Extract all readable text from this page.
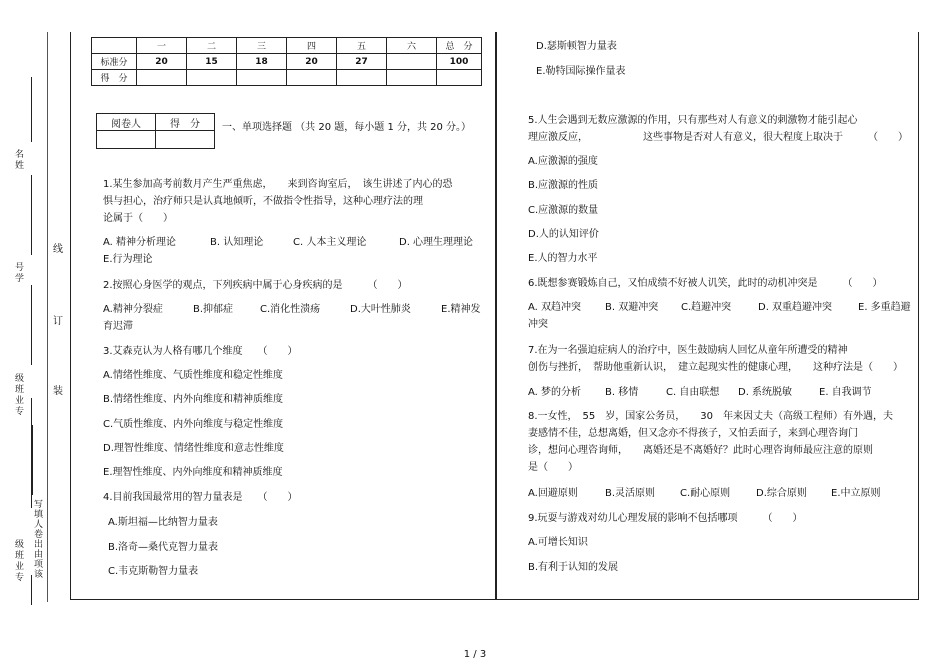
名
姓
号
学
级
班
业
专
级
班
业
专
写
填
人
卷
出
由
项
该
线
订
装
	一	二	三	四	五	六	总　分
标准分	20	15	18	20	27		100
得　分							
阅卷人	得　分
	一、单项选择题 （共 20 题，每小题 1 分，共 20 分。）
1.某生参加高考前数月产生严重焦虑，　　来到咨询室后，　该生讲述了内心的恐
惧与担心，治疗师只是认真地倾听，不做指令性指导，这种心理疗法的理
论属于（　　）
A. 精神分析理论	B. 认知理论	C. 人本主义理论	D. 心理生理理论
E.行为理论
2.按照心身医学的观点，下列疾病中属于心身疾病的是　　　（　　）
A.精神分裂症	B.抑郁症	C.消化性溃疡	D.大叶性肺炎	E.精神发
育迟滞
3.艾森克认为人格有哪几个维度　　（　　）
A.情绪性维度、气质性维度和稳定性维度
B.情绪性维度、内外向维度和精神质维度
C.气质性维度、内外向维度与稳定性维度
D.理智性维度、情绪性维度和意志性维度
E.理智性维度、内外向维度和精神质维度
4.目前我国最常用的智力量表是　　（　　）
A.斯坦福—比纳智力量表
B.洛奇—桑代克智力量表
C.韦克斯勒智力量表
D.瑟斯顿智力量表
E.勒特国际操作量表
5.人生会遇到无数应激源的作用，只有那些对人有意义的刺激物才能引起心
理应激反应，　　　　　　这些事物是否对人有意义，很大程度上取决于　　　（　　）
A.应激源的强度
B.应激源的性质
C.应激源的数量
D.人的认知评价
E.人的智力水平
6.既想参赛锻炼自己，又怕成绩不好被人讥笑，此时的动机冲突是　　　（　　）
A. 双趋冲突 B. 双避冲突 C.趋避冲突	D. 双重趋避冲突	E. 多重趋避
冲突
7.在为一名强迫症病人的治疗中，医生鼓励病人回忆从童年所遭受的精神
创伤与挫折，　帮助他重新认识，　建立起现实性的健康心理，　　这种疗法是（　　）
A. 梦的分析 B. 移情	C. 自由联想 D. 系统脱敏	E. 自我调节
8.一女性，　55　岁，国家公务员，　　30　年来因丈夫（高级工程师）有外遇，夫
妻感情不佳，总想离婚，但又念亦不得孩子，又怕丢面子，来到心理咨询门
诊，想问心理咨询师，　　离婚还是不离婚好？此时心理咨询师最应注意的原则
是（　　）
A.回避原则	B.灵活原则 C.耐心原则	D.综合原则 E.中立原则
9.玩耍与游戏对幼儿心理发展的影响不包括哪项　　　（　　）
A.可增长知识
B.有利于认知的发展
1 / 3
